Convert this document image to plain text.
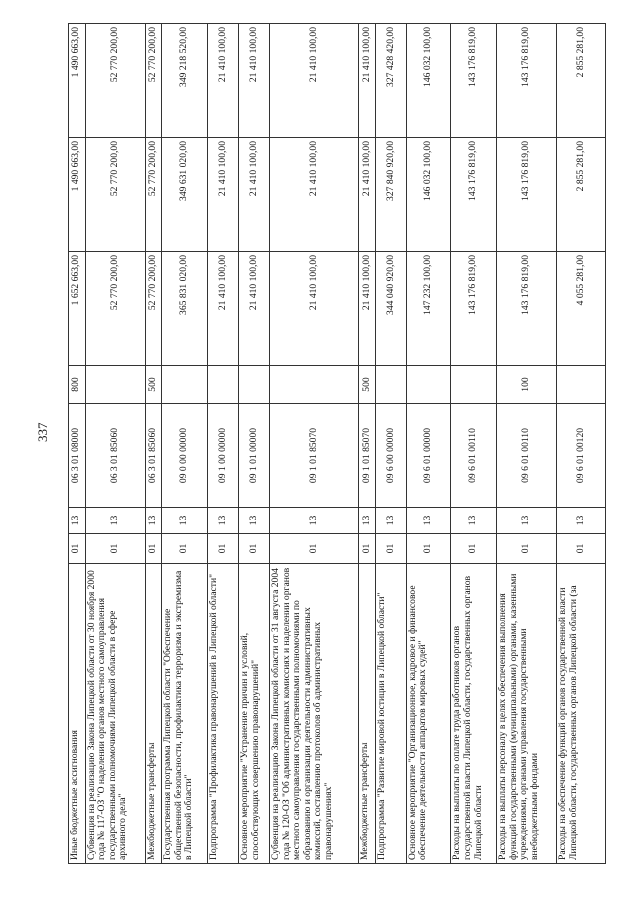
337
Иные бюджетные ассигнования	01	13	06 3 01 08000	800	1 652 663,00	1 490 663,00	1 490 663,00
Субвенция на реализацию Закона Липецкой области от 30 ноября 2000 года № 117-ОЗ "О наделении органов местного самоуправления государственными полномочиями Липецкой области в сфере архивного дела"	01	13	06 3 01 85060		52 770 200,00	52 770 200,00	52 770 200,00
Межбюджетные трансферты	01	13	06 3 01 85060	500	52 770 200,00	52 770 200,00	52 770 200,00
Государственная программа Липецкой области "Обеспечение общественной безопасности, профилактика терроризма и экстремизма в Липецкой области"	01	13	09 0 00 00000		365 831 020,00	349 631 020,00	349 218 520,00
Подпрограмма "Профилактика правонарушений в Липецкой области"	01	13	09 1 00 00000		21 410 100,00	21 410 100,00	21 410 100,00
Основное мероприятие "Устранение причин и условий, способствующих совершению правонарушений"	01	13	09 1 01 00000		21 410 100,00	21 410 100,00	21 410 100,00
Субвенция на реализацию Закона Липецкой области от 31 августа 2004 года № 120-ОЗ "Об административных комиссиях и наделении органов местного самоуправления государственными полномочиями по образованию и организации деятельности административных комиссий, составлению протоколов об административных правонарушениях"	01	13	09 1 01 85070		21 410 100,00	21 410 100,00	21 410 100,00
Межбюджетные трансферты	01	13	09 1 01 85070	500	21 410 100,00	21 410 100,00	21 410 100,00
Подпрограмма "Развитие мировой юстиции в Липецкой области"	01	13	09 6 00 00000		344 040 920,00	327 840 920,00	327 428 420,00
Основное мероприятие "Организационное, кадровое и финансовое обеспечение деятельности аппаратов мировых судей"	01	13	09 6 01 00000		147 232 100,00	146 032 100,00	146 032 100,00
Расходы на выплаты по оплате труда работников органов государственной власти Липецкой области, государственных органов Липецкой области	01	13	09 6 01 00110		143 176 819,00	143 176 819,00	143 176 819,00
Расходы на выплаты персоналу в целях обеспечения выполнения функций государственными (муниципальными) органами, казенными учреждениями, органами управления государственными внебюджетными фондами	01	13	09 6 01 00110	100	143 176 819,00	143 176 819,00	143 176 819,00
Расходы на обеспечение функций органов государственной власти Липецкой области, государственных органов Липецкой области (за	01	13	09 6 01 00120		4 055 281,00	2 855 281,00	2 855 281,00
